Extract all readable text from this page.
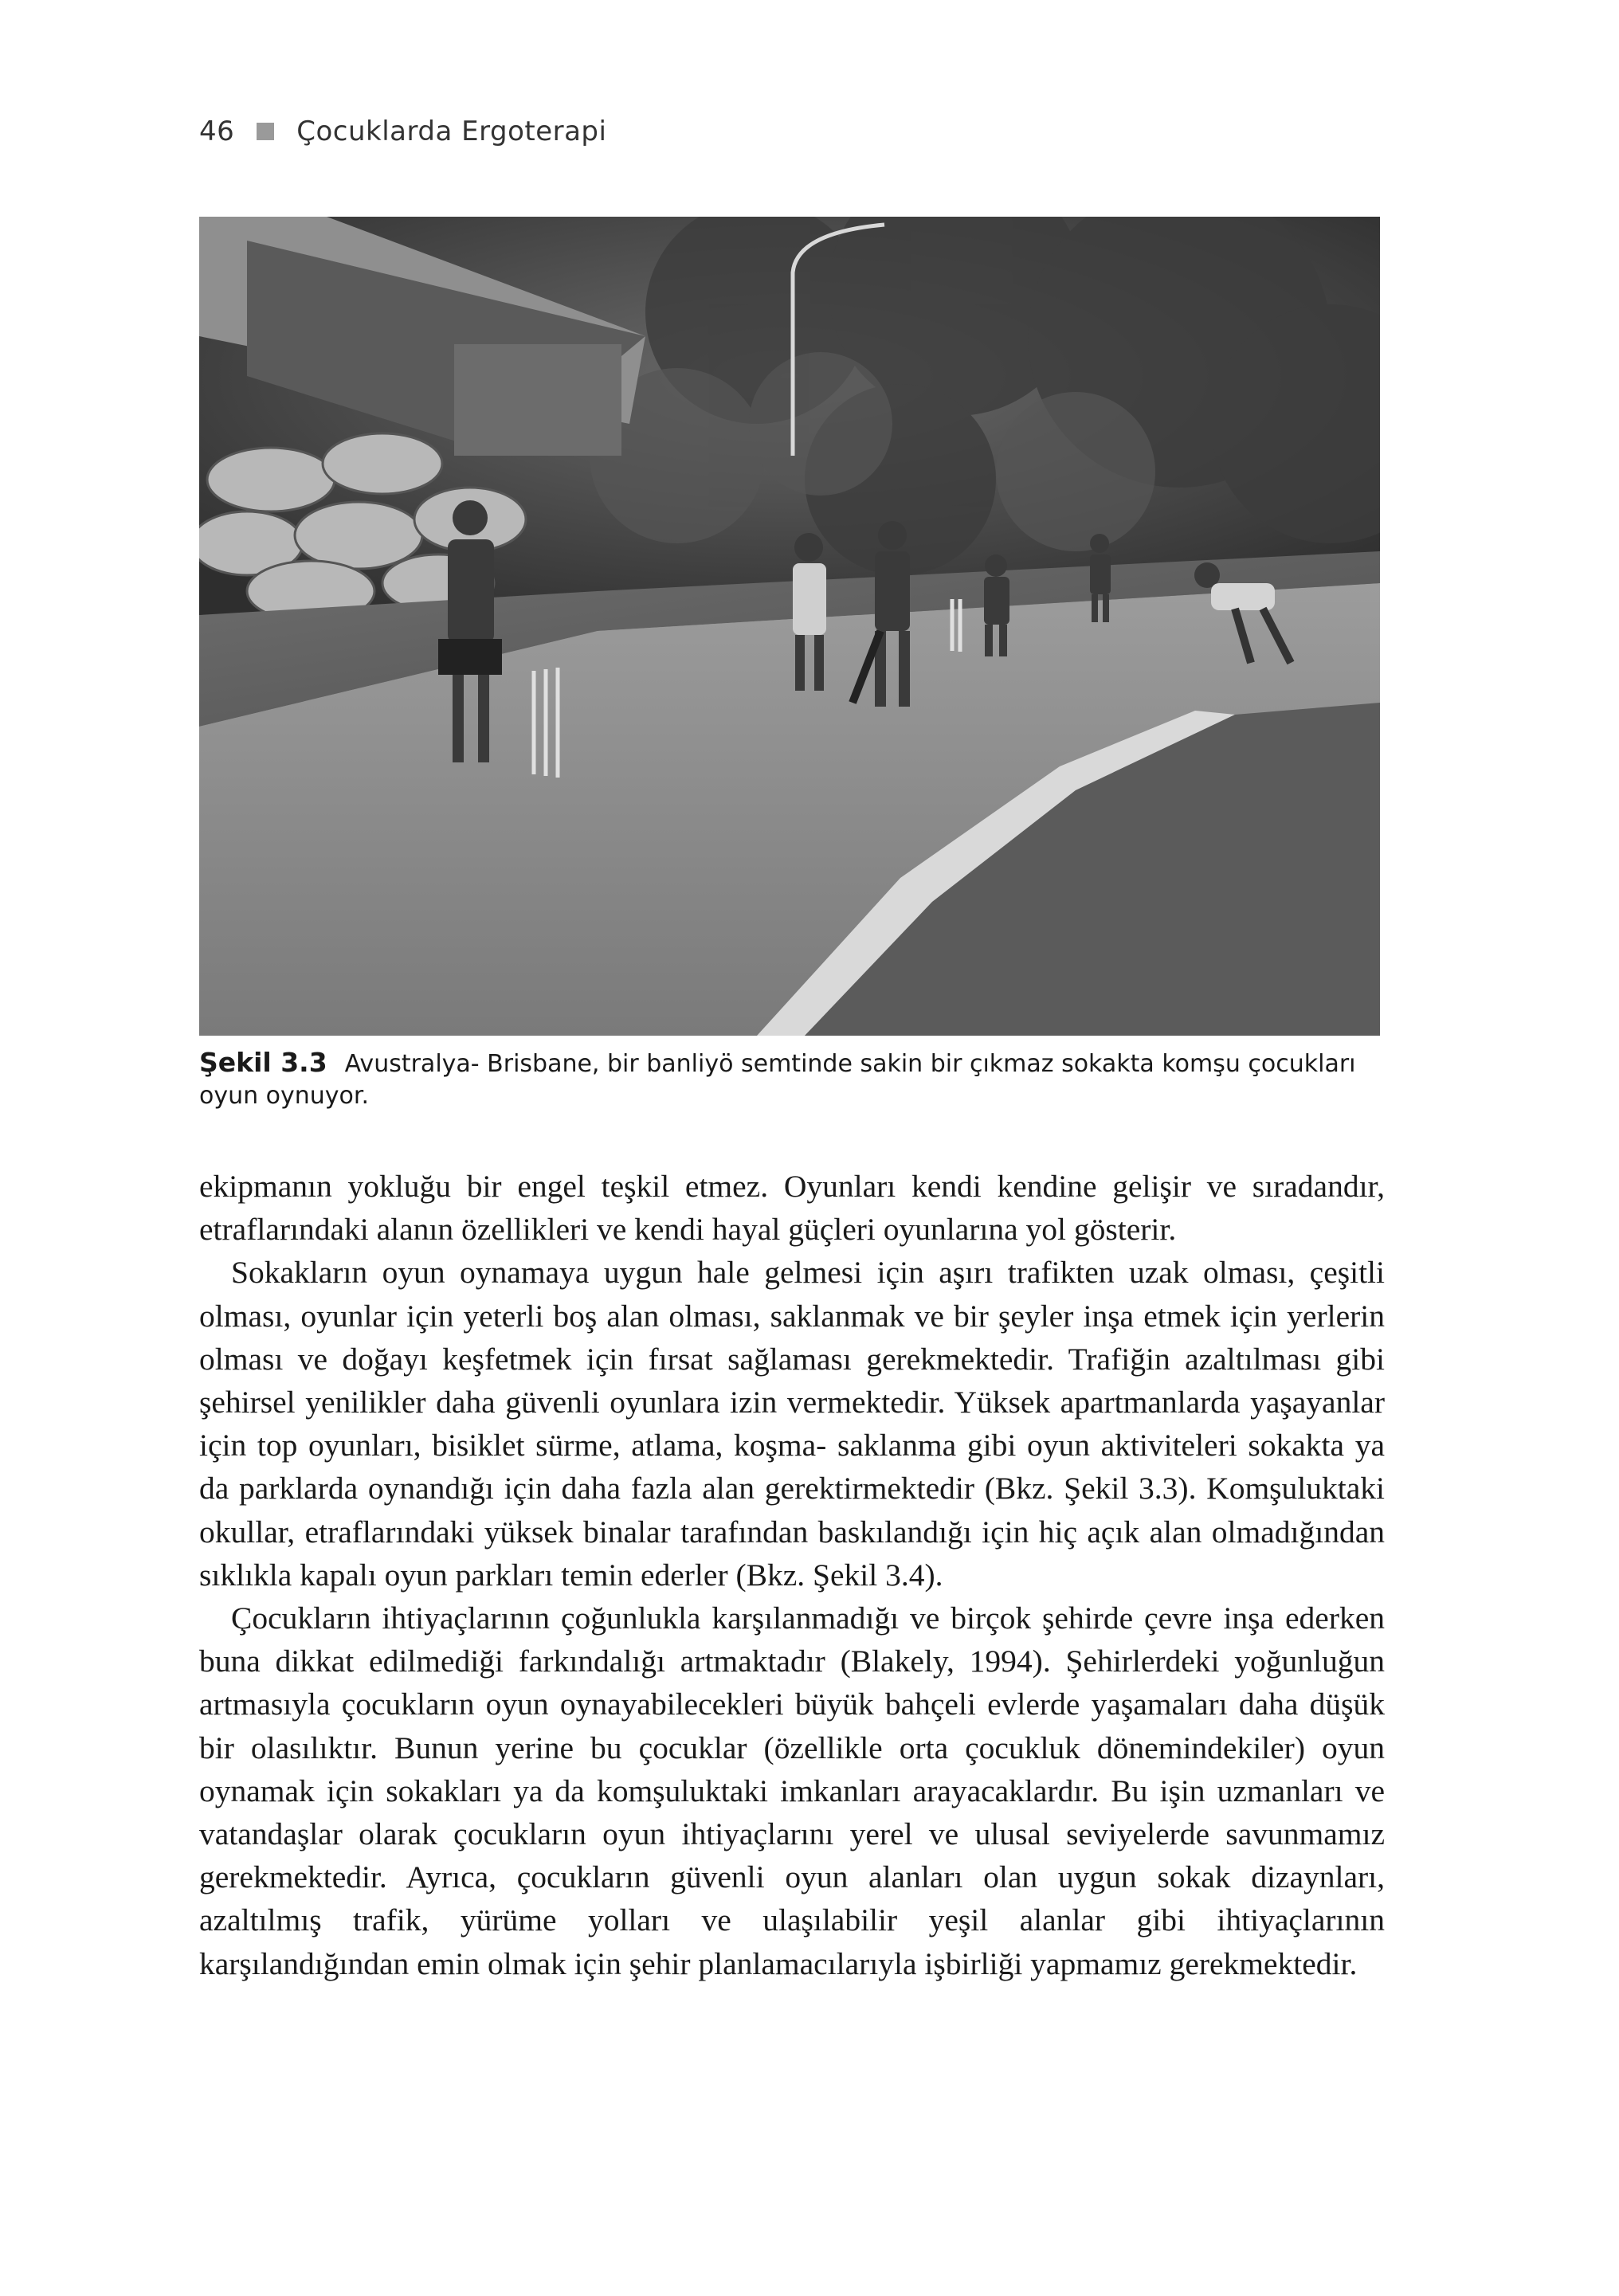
46 Çocuklarda Ergoterapi
Şekil 3.3 Avustralya- Brisbane, bir banliyö semtinde sakin bir çıkmaz sokakta komşu çocukları oyun oynuyor.

ekipmanın yokluğu bir engel teşkil etmez. Oyunları kendi kendine gelişir ve sıradandır, etraflarındaki alanın özellikleri ve kendi hayal güçleri oyunlarına yol gösterir.

Sokakların oyun oynamaya uygun hale gelmesi için aşırı trafikten uzak olması, çeşitli olması, oyunlar için yeterli boş alan olması, saklanmak ve bir şeyler inşa etmek için yerlerin olması ve doğayı keşfetmek için fırsat sağlaması gerekmektedir. Trafiğin azaltılması gibi şehirsel yenilikler daha güvenli oyunlara izin vermektedir. Yüksek apartmanlarda yaşayanlar için top oyunları, bisiklet sürme, atlama, koşma- saklanma gibi oyun aktiviteleri sokakta ya da parklarda oynandığı için daha fazla alan gerektirmektedir (Bkz. Şekil 3.3). Komşuluktaki okullar, etraflarındaki yüksek binalar tarafından baskılandığı için hiç açık alan olmadığından sıklıkla kapalı oyun parkları temin ederler (Bkz. Şekil 3.4).

Çocukların ihtiyaçlarının çoğunlukla karşılanmadığı ve birçok şehirde çevre inşa ederken buna dikkat edilmediği farkındalığı artmaktadır (Blakely, 1994). Şehirlerdeki yoğunluğun artmasıyla çocukların oyun oynayabilecekleri büyük bahçeli evlerde yaşamaları daha düşük bir olasılıktır. Bunun yerine bu çocuklar (özellikle orta çocukluk dönemindekiler) oyun oynamak için sokakları ya da komşuluktaki imkanları arayacaklardır. Bu işin uzmanları ve vatandaşlar olarak çocukların oyun ihtiyaçlarını yerel ve ulusal seviyelerde savunmamız gerekmektedir. Ayrıca, çocukların güvenli oyun alanları olan uygun sokak dizaynları, azaltılmış trafik, yürüme yolları ve ulaşılabilir yeşil alanlar gibi ihtiyaçlarının karşılandığından emin olmak için şehir planlamacılarıyla işbirliği yapmamız gerekmektedir.
